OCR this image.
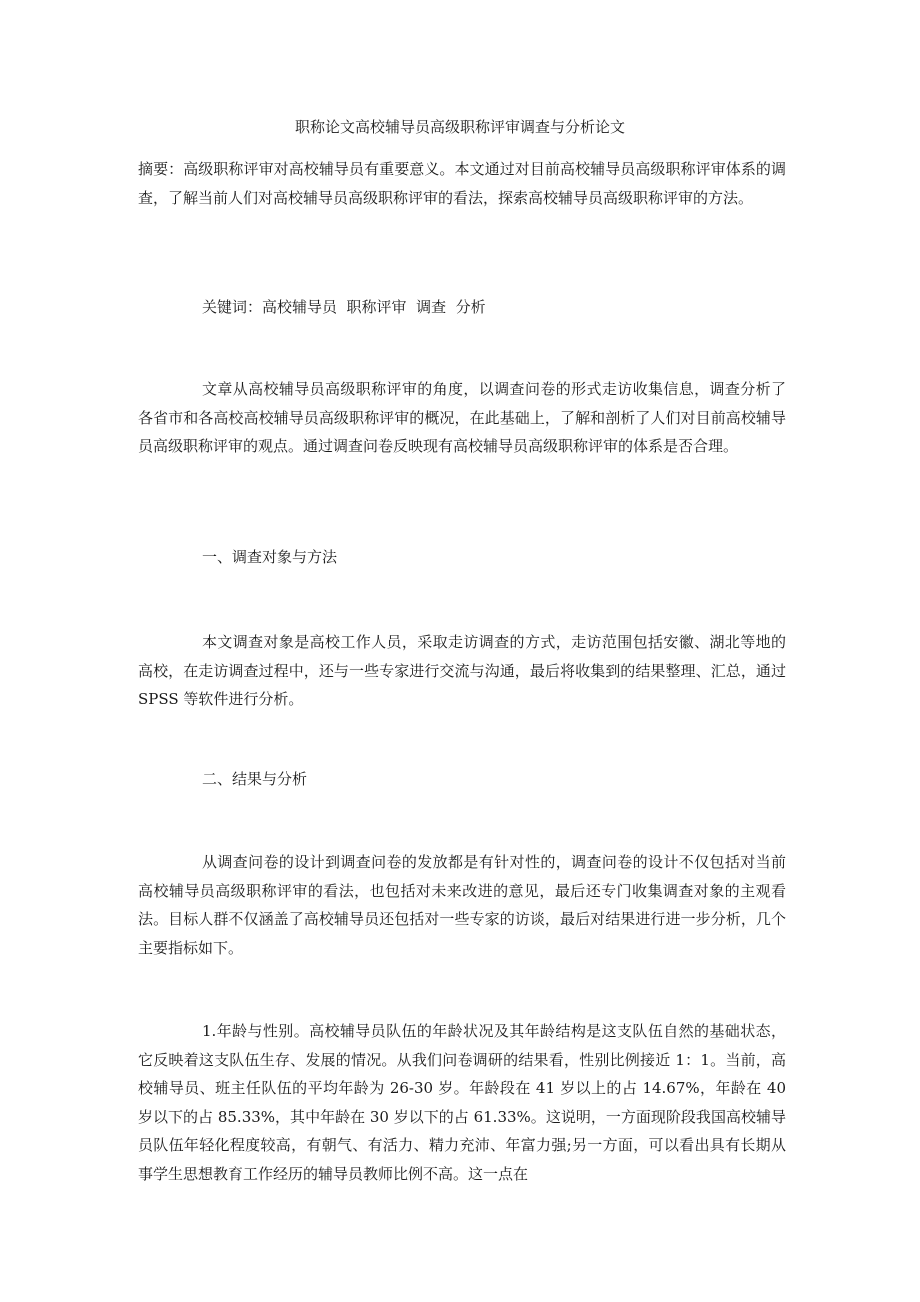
职称论文高校辅导员高级职称评审调查与分析论文

摘要：高级职称评审对高校辅导员有重要意义。本文通过对目前高校辅导员高级职称评审体系的调查，了解当前人们对高校辅导员高级职称评审的看法，探索高校辅导员高级职称评审的方法。

关键词：高校辅导员  职称评审  调查  分析

文章从高校辅导员高级职称评审的角度，以调查问卷的形式走访收集信息，调查分析了各省市和各高校高校辅导员高级职称评审的概况，在此基础上，了解和剖析了人们对目前高校辅导员高级职称评审的观点。通过调查问卷反映现有高校辅导员高级职称评审的体系是否合理。

一、调查对象与方法

本文调查对象是高校工作人员，采取走访调查的方式，走访范围包括安徽、湖北等地的高校，在走访调查过程中，还与一些专家进行交流与沟通，最后将收集到的结果整理、汇总，通过 SPSS 等软件进行分析。

二、结果与分析

从调查问卷的设计到调查问卷的发放都是有针对性的，调查问卷的设计不仅包括对当前高校辅导员高级职称评审的看法，也包括对未来改进的意见，最后还专门收集调查对象的主观看法。目标人群不仅涵盖了高校辅导员还包括对一些专家的访谈，最后对结果进行进一步分析，几个主要指标如下。

1.年龄与性别。高校辅导员队伍的年龄状况及其年龄结构是这支队伍自然的基础状态，它反映着这支队伍生存、发展的情况。从我们问卷调研的结果看，性别比例接近 1：1。当前，高校辅导员、班主任队伍的平均年龄为 26-30 岁。年龄段在 41 岁以上的占 14.67%，年龄在 40 岁以下的占 85.33%，其中年龄在 30 岁以下的占 61.33%。这说明，一方面现阶段我国高校辅导员队伍年轻化程度较高，有朝气、有活力、精力充沛、年富力强;另一方面，可以看出具有长期从事学生思想教育工作经历的辅导员教师比例不高。这一点在
